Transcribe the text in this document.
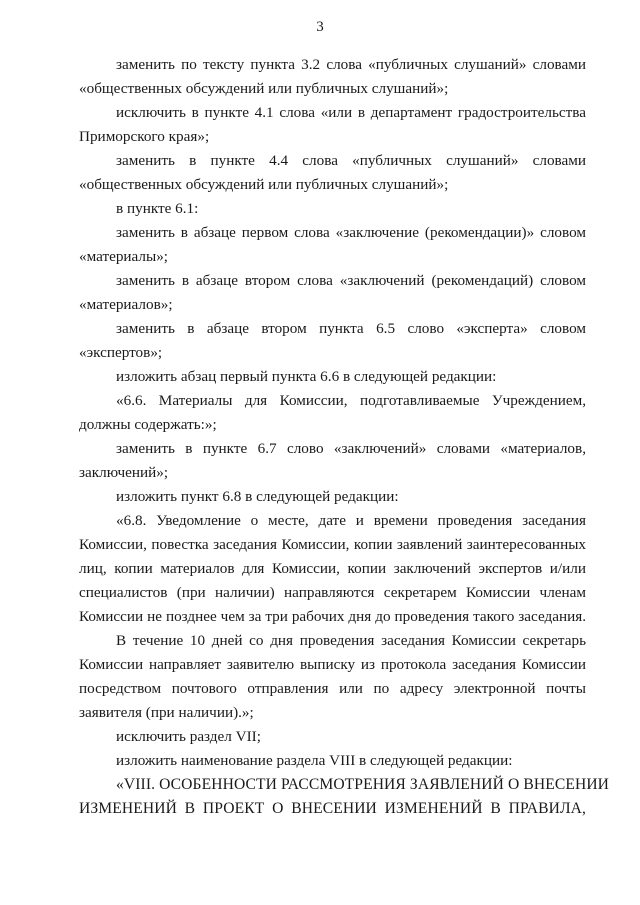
3
заменить по тексту пункта 3.2 слова «публичных слушаний» словами
«общественных обсуждений или публичных слушаний»;
исключить в пункте 4.1 слова «или в департамент градостроительства
Приморского края»;
заменить в пункте 4.4 слова «публичных слушаний» словами
«общественных обсуждений или публичных слушаний»;
в пункте 6.1:
заменить в абзаце первом слова «заключение (рекомендации)» словом
«материалы»;
заменить в абзаце втором слова «заключений (рекомендаций) словом
«материалов»;
заменить в абзаце втором пункта 6.5 слово «эксперта» словом
«экспертов»;
изложить абзац первый пункта 6.6 в следующей редакции:
«6.6. Материалы для Комиссии, подготавливаемые Учреждением,
должны содержать:»;
заменить в пункте 6.7 слово «заключений» словами «материалов,
заключений»;
изложить пункт 6.8 в следующей редакции:
«6.8. Уведомление о месте, дате и времени проведения заседания
Комиссии, повестка заседания Комиссии, копии заявлений заинтересованных
лиц, копии материалов для Комиссии, копии заключений экспертов и/или
специалистов (при наличии) направляются секретарем Комиссии членам
Комиссии не позднее чем за три рабочих дня до проведения такого заседания.
В течение 10 дней со дня проведения заседания Комиссии секретарь
Комиссии направляет заявителю выписку из протокола заседания Комиссии
посредством почтового отправления или по адресу электронной почты
заявителя (при наличии).»;
исключить раздел VII;
изложить наименование раздела VIII в следующей редакции:
«VIII. ОСОБЕННОСТИ РАССМОТРЕНИЯ ЗАЯВЛЕНИЙ О ВНЕСЕНИИ
ИЗМЕНЕНИЙ В ПРОЕКТ О ВНЕСЕНИИ ИЗМЕНЕНИЙ В ПРАВИЛА,
